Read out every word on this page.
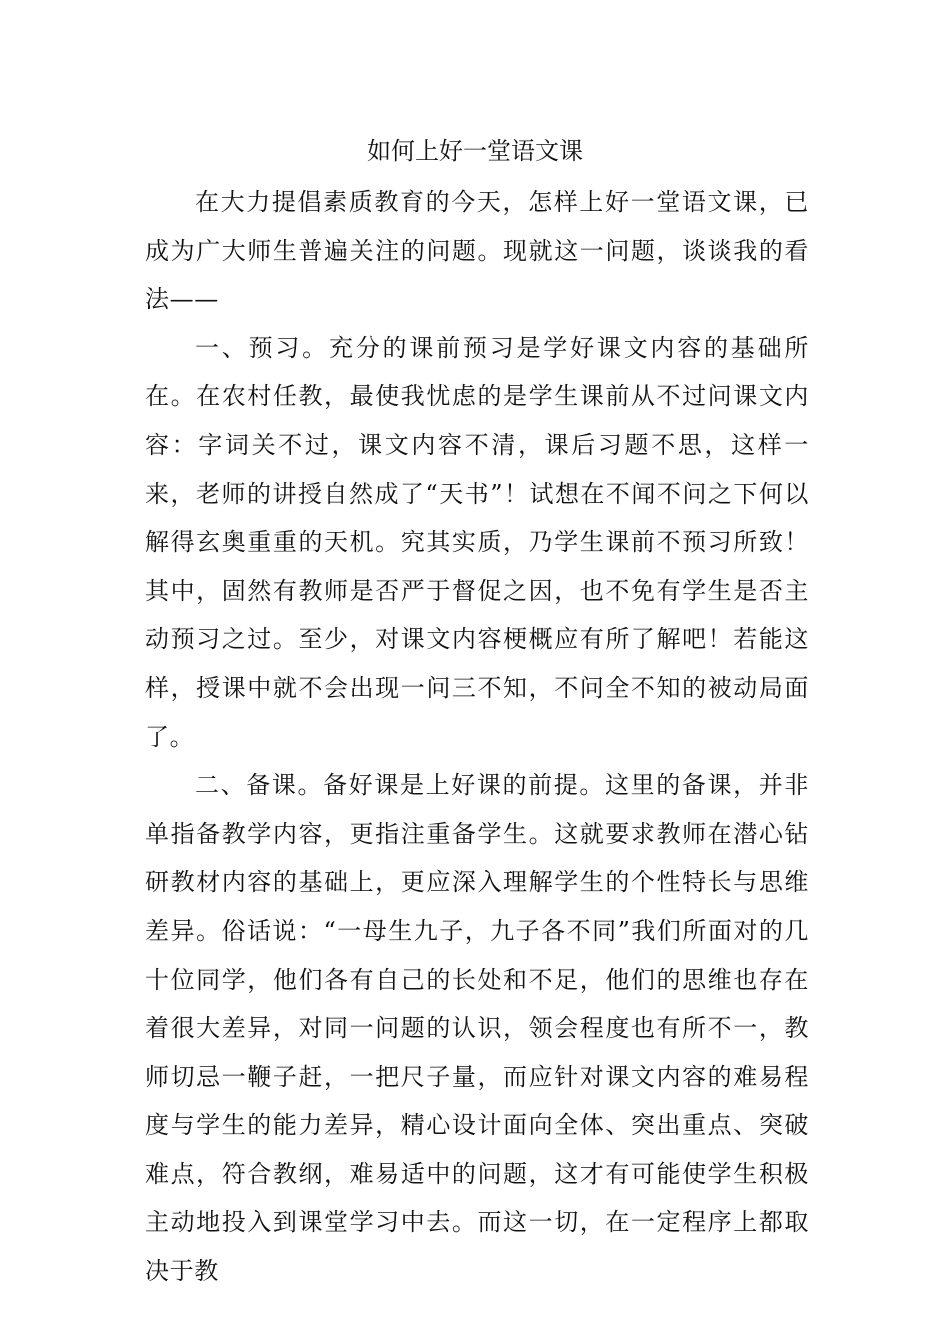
如何上好一堂语文课

在大力提倡素质教育的今天，怎样上好一堂语文课，已成为广大师生普遍关注的问题。现就这一问题，谈谈我的看法——

一、预习。充分的课前预习是学好课文内容的基础所在。在农村任教，最使我忧虑的是学生课前从不过问课文内容：字词关不过，课文内容不清，课后习题不思，这样一来，老师的讲授自然成了“天书”！试想在不闻不问之下何以解得玄奥重重的天机。究其实质，乃学生课前不预习所致！其中，固然有教师是否严于督促之因，也不免有学生是否主动预习之过。至少，对课文内容梗概应有所了解吧！若能这样，授课中就不会出现一问三不知，不问全不知的被动局面了。

二、备课。备好课是上好课的前提。这里的备课，并非单指备教学内容，更指注重备学生。这就要求教师在潜心钻研教材内容的基础上，更应深入理解学生的个性特长与思维差异。俗话说：“一母生九子，九子各不同”我们所面对的几十位同学，他们各有自己的长处和不足，他们的思维也存在着很大差异，对同一问题的认识，领会程度也有所不一，教师切忌一鞭子赶，一把尺子量，而应针对课文内容的难易程度与学生的能力差异，精心设计面向全体、突出重点、突破难点，符合教纲，难易适中的问题，这才有可能使学生积极主动地投入到课堂学习中去。而这一切，在一定程序上都取决于教
